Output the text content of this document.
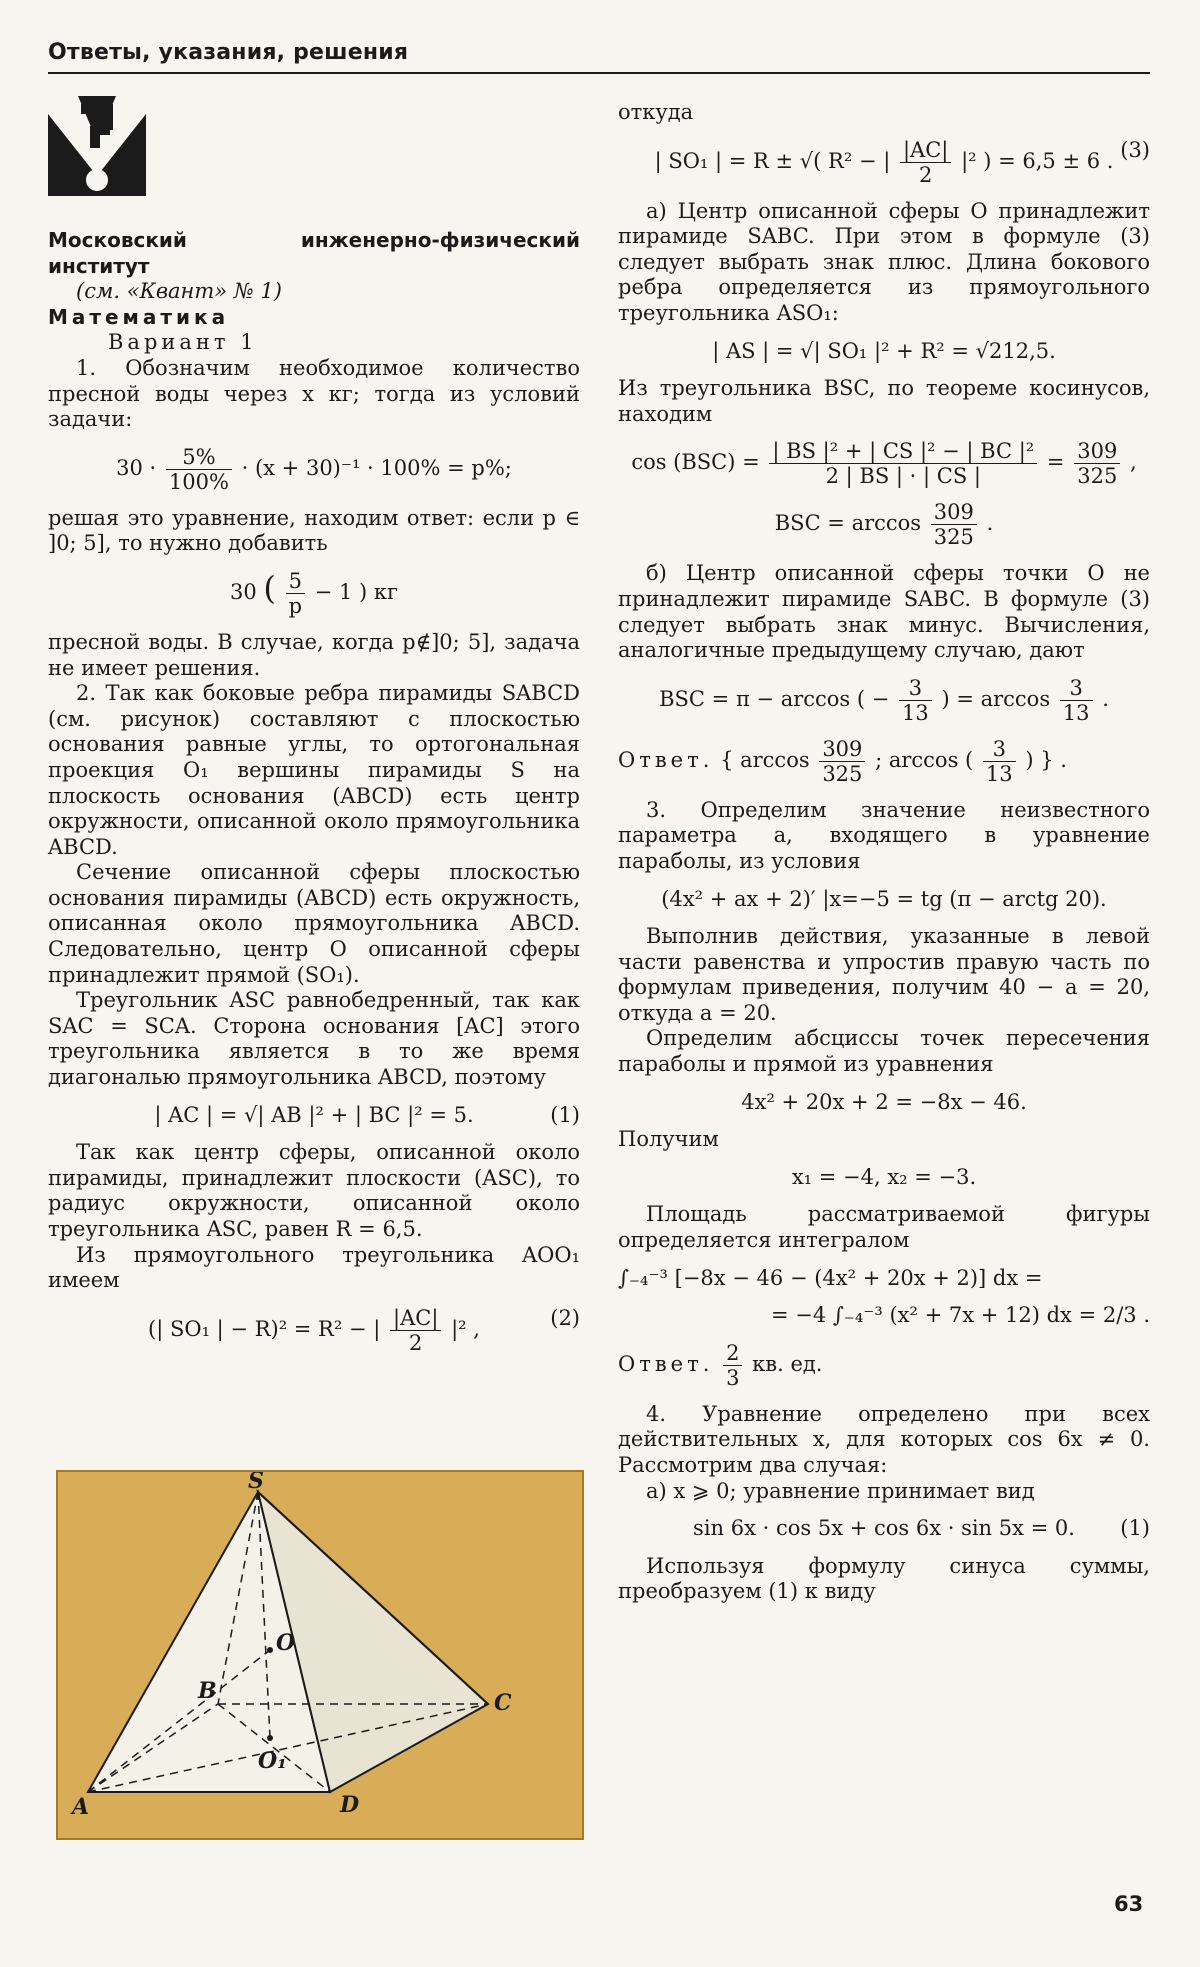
Ответы, указания, решения

Московский инженерно-физический институт

(см. «Квант» № 1)

Математика

Вариант 1

1. Обозначим необходимое количество пресной воды через x кг; тогда из условий задачи:

$30 \cdot \frac{5\%}{100\%} \cdot (x + 30)^{-1} \cdot 100\% = p\%$;

решая это уравнение, находим ответ: если p ∈ ]0; 5], то нужно добавить

30 ( $\frac{5}{p} - 1$ ) кг

пресной воды. В случае, когда p∉]0; 5], задача не имеет решения.

2. Так как боковые ребра пирамиды SABCD (см. рисунок) составляют с плоскостью основания равные углы, то ортогональная проекция O₁ вершины пирамиды S на плоскость основания (ABCD) есть центр окружности, описанной около прямоугольника ABCD.

Сечение описанной сферы плоскостью основания пирамиды (ABCD) есть окружность, описанная около прямоугольника ABCD. Следовательно, центр O описанной сферы принадлежит прямой (SO₁).

Треугольник ASC равнобедренный, так как SAC = SCA. Сторона основания [AC] этого треугольника является в то же время диагональю прямоугольника ABCD, поэтому

| AC | = √| AB |² + | BC |² = 5.	(1)

Так как центр сферы, описанной около пирамиды, принадлежит плоскости (ASC), то радиус окружности, описанной около треугольника ASC, равен R = 6,5.

Из прямоугольного треугольника AOO₁ имеем

(| SO₁ | − R)² = R² − | $\frac{|AC|}{2} |^2$ ,	(2)
S
O
B	C
O₁
A	D

откуда

| SO₁ | = R ± √( R² − | $\frac{|AC|}{2} |^2$ ) = 6,5 ± 6 . (3)

а) Центр описанной сферы O принадлежит пирамиде SABC. При этом в формуле (3) следует выбрать знак плюс. Длина бокового ребра определяется из прямоугольного треугольника ASO₁:

| AS | = √| SO₁ |² + R² = √212,5.

Из треугольника BSC, по теореме косинусов, находим

$\cos (BSC) = \frac{\text{| BS |² + | CS |² − | BC |²}}{2 | BS | \cdot | CS |} = \frac{309}{325}$ ,
BSC = $\arccos \frac{309}{325}$ .

б) Центр описанной сферы точки O не принадлежит пирамиде SABC. В формуле (3) следует выбрать знак минус. Вычисления, аналогичные предыдущему случаю, дают

BSC = π − arccos ( − $\frac{3}{13}$ ) = $\arccos \frac{3}{13}$ .
Ответ. { $\arccos \frac{309}{325}$ ; arccos ( $\frac{3}{13}$ ) } .

3. Определим значение неизвестного параметра a, входящего в уравнение параболы, из условия

(4x² + ax + 2)′ |x=−5 = tg (π − arctg 20).

Выполнив действия, указанные в левой части равенства и упростив правую часть по формулам приведения, получим 40 − a = 20, откуда a = 20.

Определим абсциссы точек пересечения параболы и прямой из уравнения

4x² + 20x + 2 = −8x − 46.

Получим

x₁ = −4, x₂ = −3.

Площадь рассматриваемой фигуры определяется интегралом

∫₋₄⁻³ [−8x − 46 − (4x² + 20x + 2)] dx =
= −4 ∫₋₄⁻³ (x² + 7x + 12) dx = 2/3 .
Ответ. $\frac{2}{3}$ кв. ед.

4. Уравнение определено при всех действительных x, для которых cos 6x ≠ 0. Рассмотрим два случая:

а) x ⩾ 0; уравнение принимает вид

sin 6x · cos 5x + cos 6x · sin 5x = 0. (1)

Используя формулу синуса суммы, преобразуем (1) к виду

63
